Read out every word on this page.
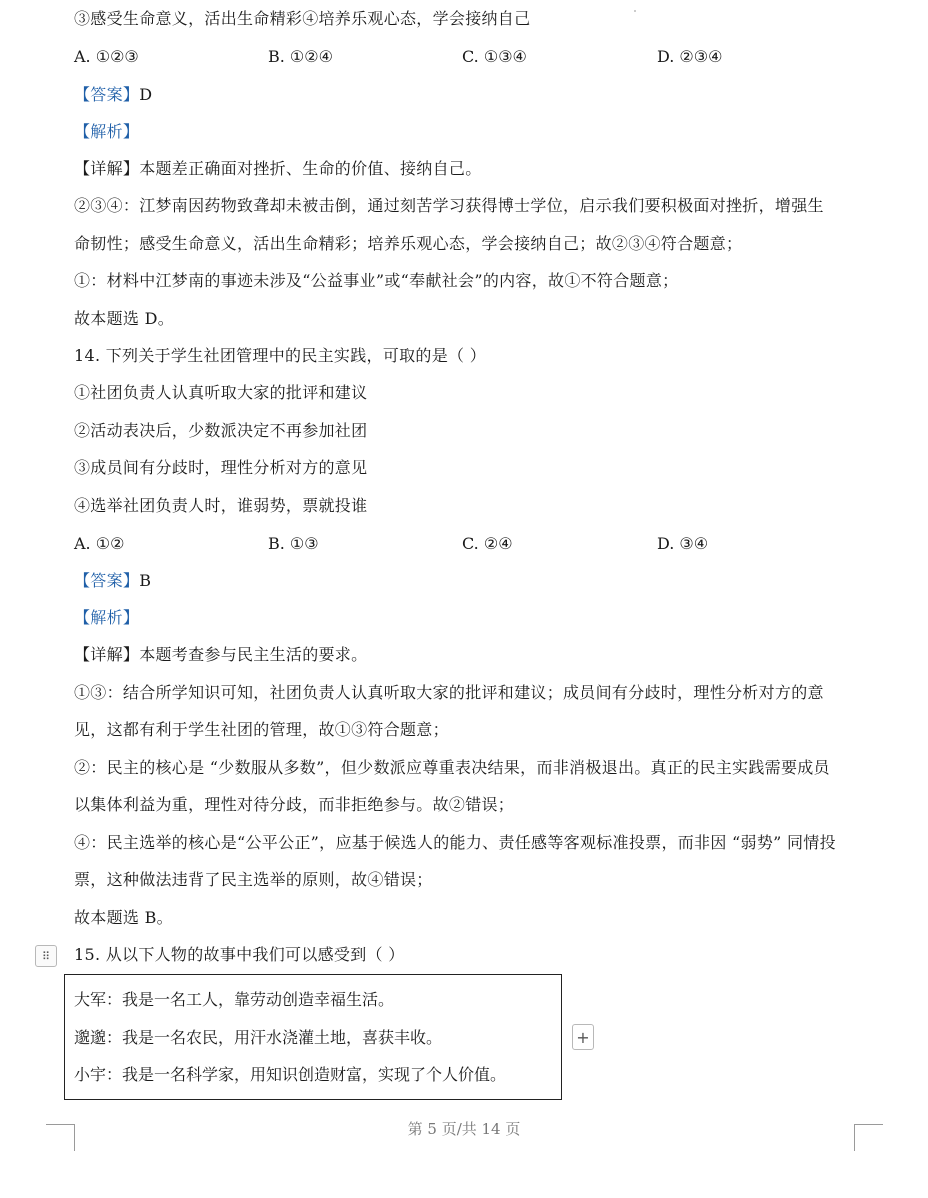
③感受生命意义，活出生命精彩④培养乐观心态，学会接纳自己
A. ①②③	B. ①②④	C. ①③④	D. ②③④
【答案】D
【解析】
【详解】本题差正确面对挫折、生命的价值、接纳自己。
②③④：江梦南因药物致聋却未被击倒，通过刻苦学习获得博士学位，启示我们要积极面对挫折，增强生
命韧性；感受生命意义，活出生命精彩；培养乐观心态，学会接纳自己；故②③④符合题意；
①：材料中江梦南的事迹未涉及“公益事业”或“奉献社会”的内容，故①不符合题意；
故本题选 D。
14. 下列关于学生社团管理中的民主实践，可取的是（ ）
①社团负责人认真听取大家的批评和建议
②活动表决后，少数派决定不再参加社团
③成员间有分歧时，理性分析对方的意见
④选举社团负责人时，谁弱势，票就投谁
A. ①②	B. ①③	C. ②④	D. ③④
【答案】B
【解析】
【详解】本题考查参与民主生活的要求。
①③：结合所学知识可知，社团负责人认真听取大家的批评和建议；成员间有分歧时，理性分析对方的意
见，这都有利于学生社团的管理，故①③符合题意；
②：民主的核心是 “少数服从多数”，但少数派应尊重表决结果，而非消极退出。真正的民主实践需要成员
以集体利益为重，理性对待分歧，而非拒绝参与。故②错误；
④：民主选举的核心是“公平公正”，应基于候选人的能力、责任感等客观标准投票，而非因 “弱势” 同情投
票，这种做法违背了民主选举的原则，故④错误；
故本题选 B。
⠿ 15. 从以下人物的故事中我们可以感受到（ ）
大军：我是一名工人，靠劳动创造幸福生活。
邈邈：我是一名农民，用汗水浇灌土地，喜获丰收。
小宇：我是一名科学家，用知识创造财富，实现了个人价值。
+
第 5 页/共 14 页
